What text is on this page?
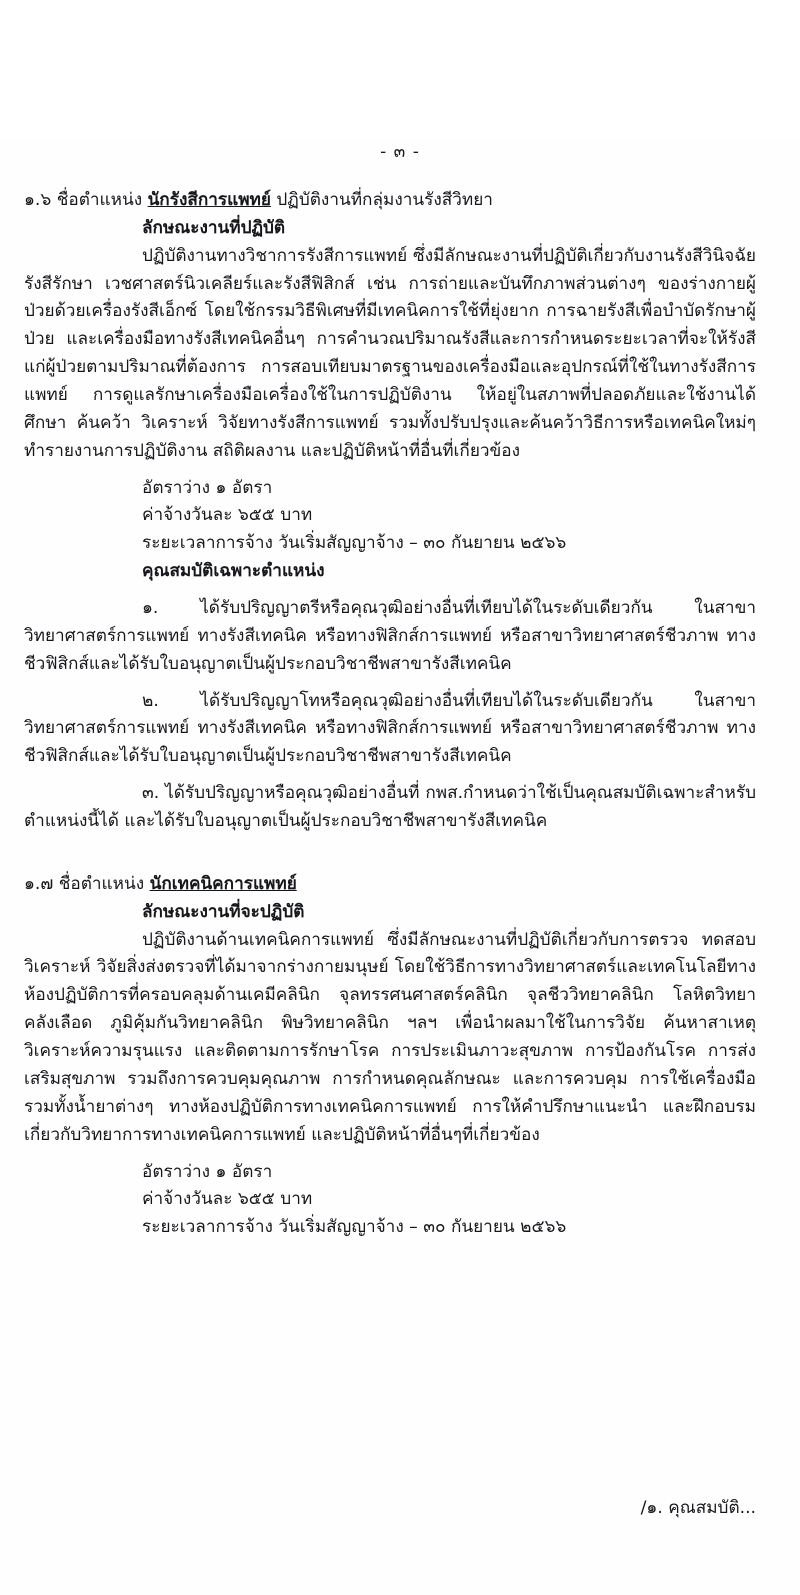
- ๓ -
๑.๖ ชื่อตำแหน่ง นักรังสีการแพทย์ ปฏิบัติงานที่กลุ่มงานรังสีวิทยา
ลักษณะงานที่ปฏิบัติ
ปฏิบัติงานทางวิชาการรังสีการแพทย์ ซึ่งมีลักษณะงานที่ปฏิบัติเกี่ยวกับงานรังสีวินิจฉัย รังสีรักษา เวชศาสตร์นิวเคลียร์และรังสีฟิสิกส์ เช่น การถ่ายและบันทึกภาพส่วนต่างๆ ของร่างกายผู้ป่วยด้วยเครื่องรังสีเอ็กซ์ โดยใช้กรรมวิธีพิเศษที่มีเทคนิคการใช้ที่ยุ่งยาก การฉายรังสีเพื่อบำบัดรักษาผู้ป่วย และเครื่องมือทางรังสีเทคนิคอื่นๆ การคำนวณปริมาณรังสีและการกำหนดระยะเวลาที่จะให้รังสีแก่ผู้ป่วยตามปริมาณที่ต้องการ การสอบเทียบมาตรฐานของเครื่องมือและอุปกรณ์ที่ใช้ในทางรังสีการแพทย์ การดูแลรักษาเครื่องมือเครื่องใช้ในการปฏิบัติงาน ให้อยู่ในสภาพที่ปลอดภัยและใช้งานได้ ศึกษา ค้นคว้า วิเคราะห์ วิจัยทางรังสีการแพทย์ รวมทั้งปรับปรุงและค้นคว้าวิธีการหรือเทคนิคใหม่ๆ ทำรายงานการปฏิบัติงาน สถิติผลงาน และปฏิบัติหน้าที่อื่นที่เกี่ยวข้อง
อัตราว่าง ๑ อัตรา
ค่าจ้างวันละ ๖๕๕ บาท
ระยะเวลาการจ้าง วันเริ่มสัญญาจ้าง – ๓๐ กันยายน ๒๕๖๖
คุณสมบัติเฉพาะตำแหน่ง
๑. ได้รับปริญญาตรีหรือคุณวุฒิอย่างอื่นที่เทียบได้ในระดับเดียวกัน ในสาขาวิทยาศาสตร์การแพทย์ ทางรังสีเทคนิค หรือทางฟิสิกส์การแพทย์ หรือสาขาวิทยาศาสตร์ชีวภาพ ทางชีวฟิสิกส์และได้รับใบอนุญาตเป็นผู้ประกอบวิชาชีพสาขารังสีเทคนิค
๒. ได้รับปริญญาโทหรือคุณวุฒิอย่างอื่นที่เทียบได้ในระดับเดียวกัน ในสาขาวิทยาศาสตร์การแพทย์ ทางรังสีเทคนิค หรือทางฟิสิกส์การแพทย์ หรือสาขาวิทยาศาสตร์ชีวภาพ ทางชีวฟิสิกส์และได้รับใบอนุญาตเป็นผู้ประกอบวิชาชีพสาขารังสีเทคนิค
๓. ได้รับปริญญาหรือคุณวุฒิอย่างอื่นที่ กพส.กำหนดว่าใช้เป็นคุณสมบัติเฉพาะสำหรับตำแหน่งนี้ได้ และได้รับใบอนุญาตเป็นผู้ประกอบวิชาชีพสาขารังสีเทคนิค
๑.๗ ชื่อตำแหน่ง นักเทคนิคการแพทย์
ลักษณะงานที่จะปฏิบัติ
ปฏิบัติงานด้านเทคนิคการแพทย์ ซึ่งมีลักษณะงานที่ปฏิบัติเกี่ยวกับการตรวจ ทดสอบ วิเคราะห์ วิจัยสิ่งส่งตรวจที่ได้มาจากร่างกายมนุษย์ โดยใช้วิธีการทางวิทยาศาสตร์และเทคโนโลยีทางห้องปฏิบัติการที่ครอบคลุมด้านเคมีคลินิก จุลทรรศนศาสตร์คลินิก จุลชีววิทยาคลินิก โลหิตวิทยา คลังเลือด ภูมิคุ้มกันวิทยาคลินิก พิษวิทยาคลินิก ฯลฯ เพื่อนำผลมาใช้ในการวิจัย ค้นหาสาเหตุ วิเคราะห์ความรุนแรง และติดตามการรักษาโรค การประเมินภาวะสุขภาพ การป้องกันโรค การส่งเสริมสุขภาพ รวมถึงการควบคุมคุณภาพ การกำหนดคุณลักษณะ และการควบคุม การใช้เครื่องมือรวมทั้งน้ำยาต่างๆ ทางห้องปฏิบัติการทางเทคนิคการแพทย์ การให้คำปรึกษาแนะนำ และฝึกอบรมเกี่ยวกับวิทยาการทางเทคนิคการแพทย์ และปฏิบัติหน้าที่อื่นๆที่เกี่ยวข้อง
อัตราว่าง ๑ อัตรา
ค่าจ้างวันละ ๖๕๕ บาท
ระยะเวลาการจ้าง วันเริ่มสัญญาจ้าง – ๓๐ กันยายน ๒๕๖๖
/๑. คุณสมบัติ...
